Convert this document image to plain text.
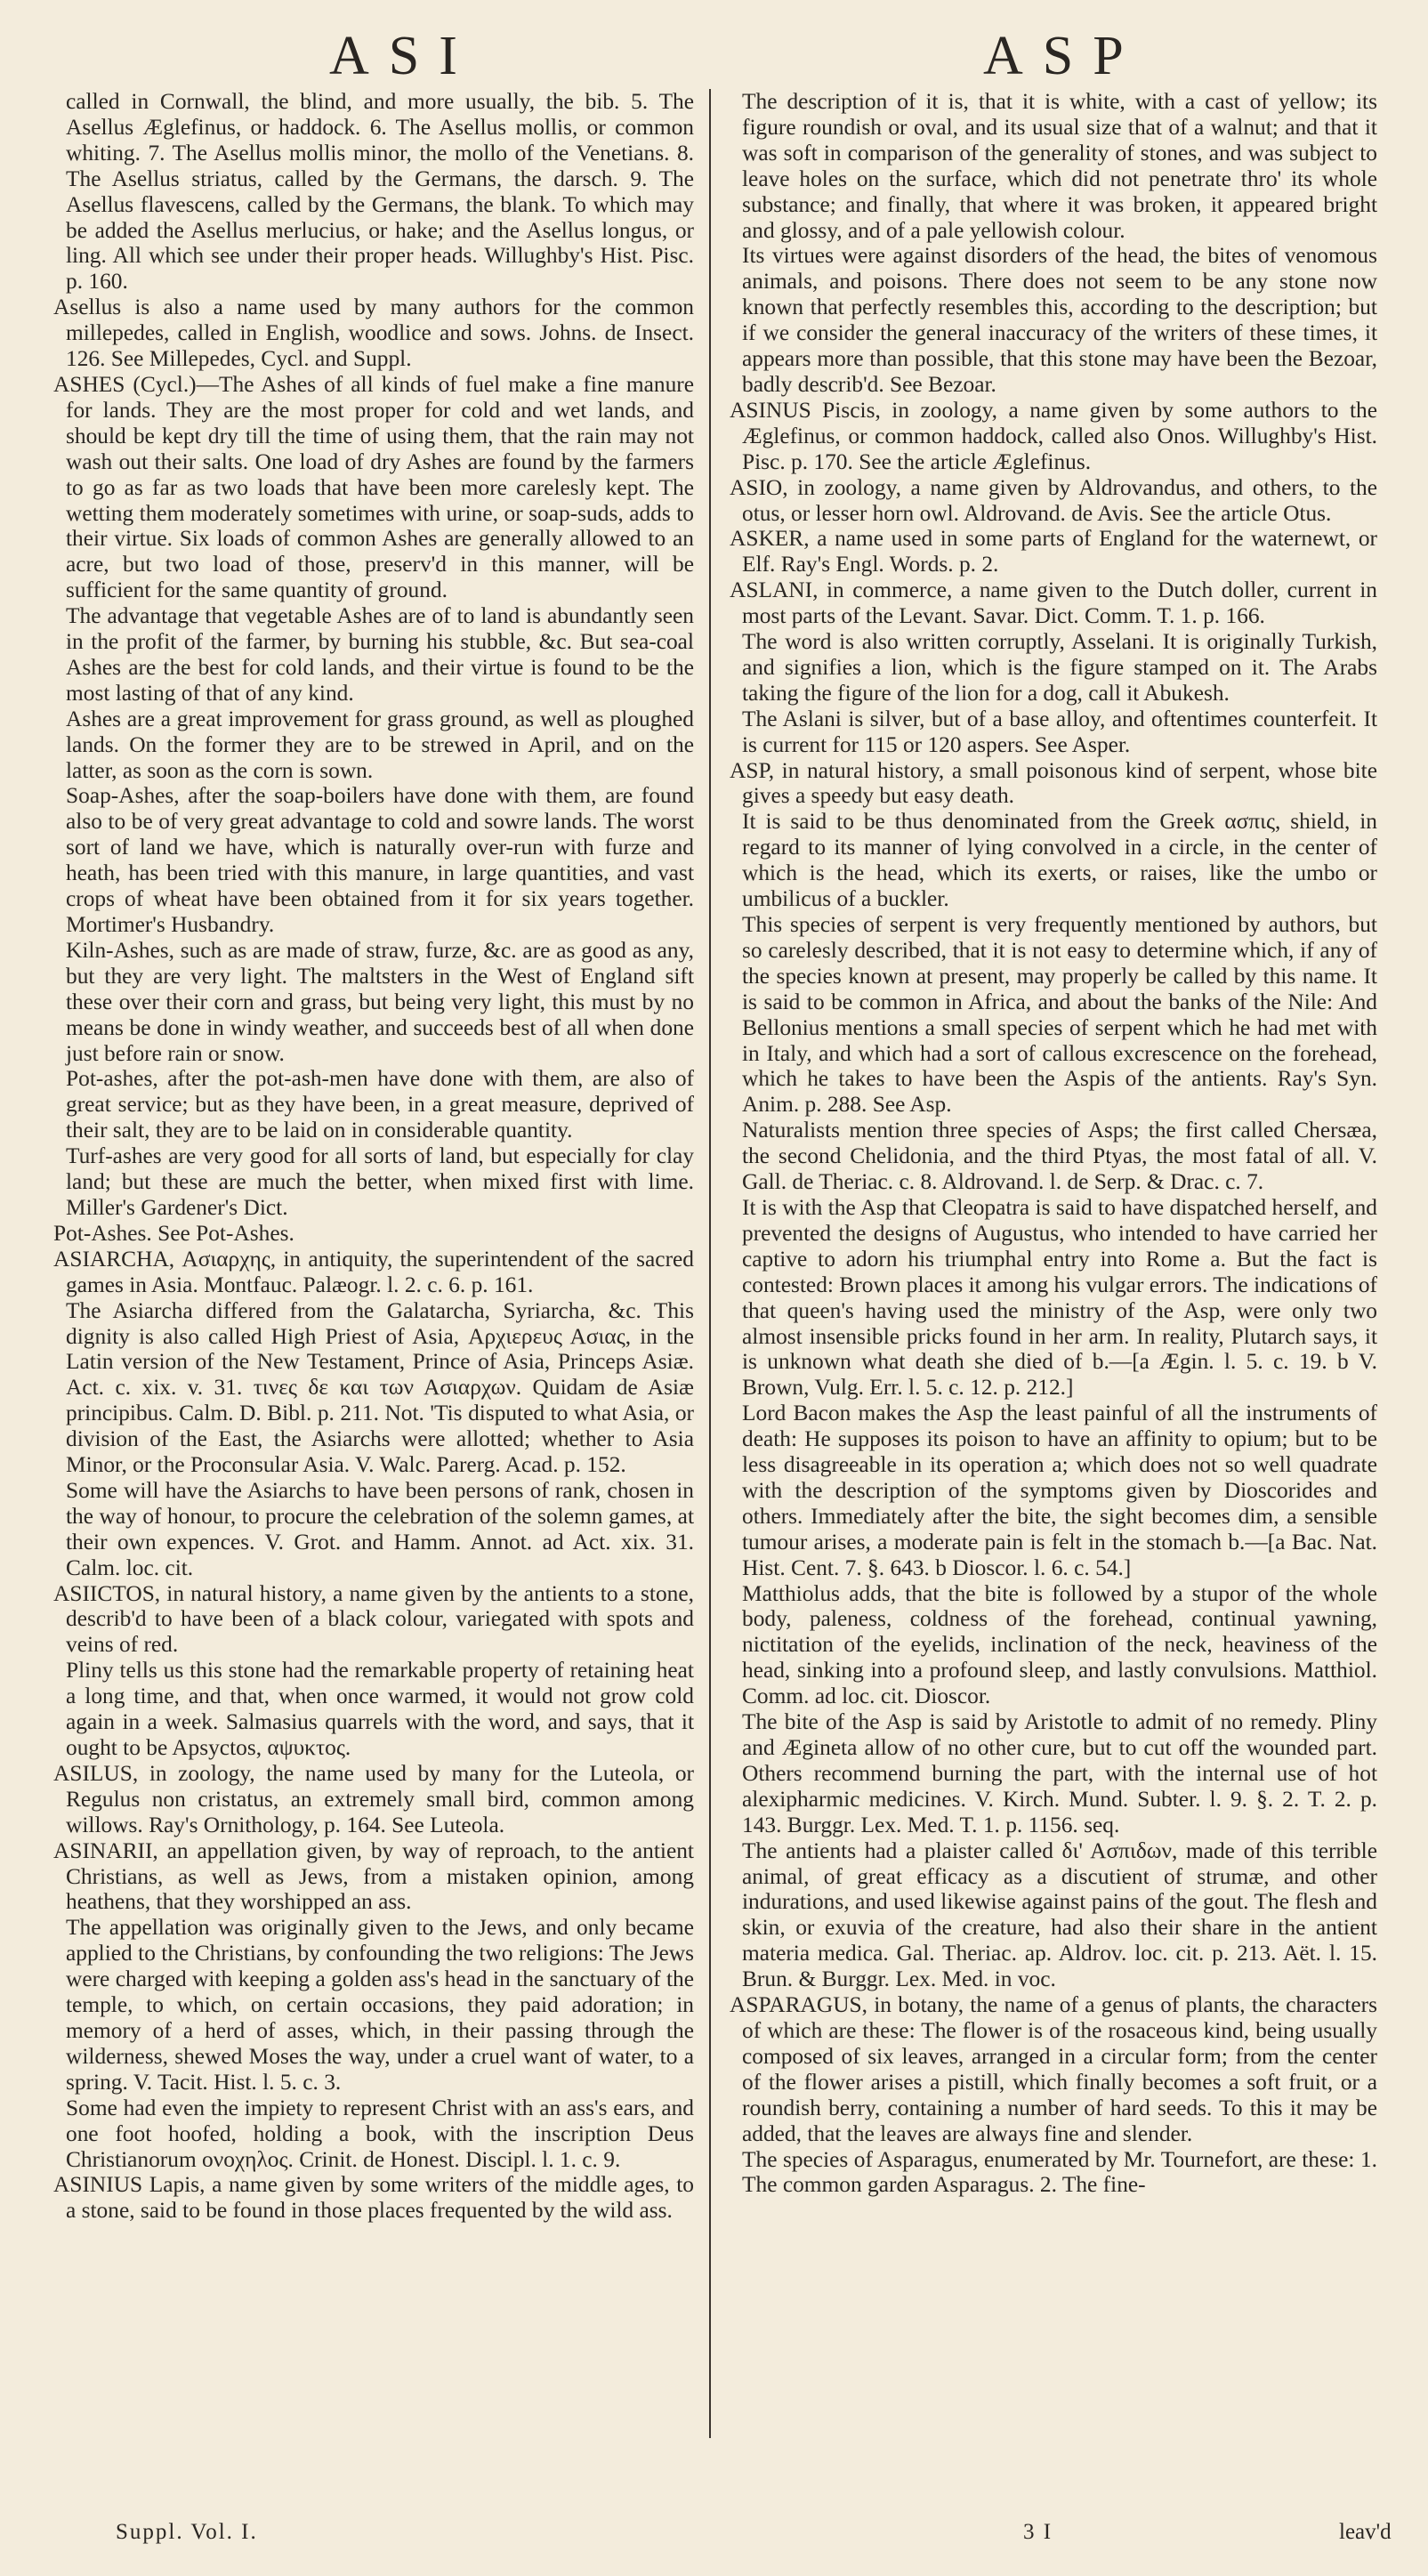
ASI	ASP

called in Cornwall, the blind, and more usually, the bib. 5. The Asellus Æglefinus, or haddock. 6. The Asellus mollis, or common whiting. 7. The Asellus mollis minor, the mollo of the Venetians. 8. The Asellus striatus, called by the Germans, the darsch. 9. The Asellus flavescens, called by the Germans, the blank. To which may be added the Asellus merlucius, or hake; and the Asellus longus, or ling. All which see under their proper heads. Willughby's Hist. Pisc. p. 160.

Asellus is also a name used by many authors for the common millepedes, called in English, woodlice and sows. Johns. de Insect. 126. See Millepedes, Cycl. and Suppl.

ASHES (Cycl.)—The Ashes of all kinds of fuel make a fine manure for lands. They are the most proper for cold and wet lands, and should be kept dry till the time of using them, that the rain may not wash out their salts. One load of dry Ashes are found by the farmers to go as far as two loads that have been more carelesly kept. The wetting them moderately sometimes with urine, or soap-suds, adds to their virtue. Six loads of common Ashes are generally allowed to an acre, but two load of those, preserv'd in this manner, will be sufficient for the same quantity of ground.

The advantage that vegetable Ashes are of to land is abundantly seen in the profit of the farmer, by burning his stubble, &c. But sea-coal Ashes are the best for cold lands, and their virtue is found to be the most lasting of that of any kind.

Ashes are a great improvement for grass ground, as well as ploughed lands. On the former they are to be strewed in April, and on the latter, as soon as the corn is sown.

Soap-Ashes, after the soap-boilers have done with them, are found also to be of very great advantage to cold and sowre lands. The worst sort of land we have, which is naturally over-run with furze and heath, has been tried with this manure, in large quantities, and vast crops of wheat have been obtained from it for six years together. Mortimer's Husbandry.

Kiln-Ashes, such as are made of straw, furze, &c. are as good as any, but they are very light. The maltsters in the West of England sift these over their corn and grass, but being very light, this must by no means be done in windy weather, and succeeds best of all when done just before rain or snow.

Pot-ashes, after the pot-ash-men have done with them, are also of great service; but as they have been, in a great measure, deprived of their salt, they are to be laid on in considerable quantity.

Turf-ashes are very good for all sorts of land, but especially for clay land; but these are much the better, when mixed first with lime. Miller's Gardener's Dict.

Pot-Ashes. See Pot-Ashes.

ASIARCHA, Ασιαρχης, in antiquity, the superintendent of the sacred games in Asia. Montfauc. Palæogr. l. 2. c. 6. p. 161.

The Asiarcha differed from the Galatarcha, Syriarcha, &c. This dignity is also called High Priest of Asia, Αρχιερευς Ασιας, in the Latin version of the New Testament, Prince of Asia, Princeps Asiæ. Act. c. xix. v. 31. τινες δε και των Ασιαρχων. Quidam de Asiæ principibus. Calm. D. Bibl. p. 211. Not. 'Tis disputed to what Asia, or division of the East, the Asiarchs were allotted; whether to Asia Minor, or the Proconsular Asia. V. Walc. Parerg. Acad. p. 152.

Some will have the Asiarchs to have been persons of rank, chosen in the way of honour, to procure the celebration of the solemn games, at their own expences. V. Grot. and Hamm. Annot. ad Act. xix. 31. Calm. loc. cit.

ASIICTOS, in natural history, a name given by the antients to a stone, describ'd to have been of a black colour, variegated with spots and veins of red.

Pliny tells us this stone had the remarkable property of retaining heat a long time, and that, when once warmed, it would not grow cold again in a week. Salmasius quarrels with the word, and says, that it ought to be Apsyctos, αψυκτος.

ASILUS, in zoology, the name used by many for the Luteola, or Regulus non cristatus, an extremely small bird, common among willows. Ray's Ornithology, p. 164. See Luteola.

ASINARII, an appellation given, by way of reproach, to the antient Christians, as well as Jews, from a mistaken opinion, among heathens, that they worshipped an ass.

The appellation was originally given to the Jews, and only became applied to the Christians, by confounding the two religions: The Jews were charged with keeping a golden ass's head in the sanctuary of the temple, to which, on certain occasions, they paid adoration; in memory of a herd of asses, which, in their passing through the wilderness, shewed Moses the way, under a cruel want of water, to a spring. V. Tacit. Hist. l. 5. c. 3.

Some had even the impiety to represent Christ with an ass's ears, and one foot hoofed, holding a book, with the inscription Deus Christianorum ονοχηλος. Crinit. de Honest. Discipl. l. 1. c. 9.

ASINIUS Lapis, a name given by some writers of the middle ages, to a stone, said to be found in those places frequented by the wild ass.

The description of it is, that it is white, with a cast of yellow; its figure roundish or oval, and its usual size that of a walnut; and that it was soft in comparison of the generality of stones, and was subject to leave holes on the surface, which did not penetrate thro' its whole substance; and finally, that where it was broken, it appeared bright and glossy, and of a pale yellowish colour.

Its virtues were against disorders of the head, the bites of venomous animals, and poisons. There does not seem to be any stone now known that perfectly resembles this, according to the description; but if we consider the general inaccuracy of the writers of these times, it appears more than possible, that this stone may have been the Bezoar, badly describ'd. See Bezoar.

ASINUS Piscis, in zoology, a name given by some authors to the Æglefinus, or common haddock, called also Onos. Willughby's Hist. Pisc. p. 170. See the article Æglefinus.

ASIO, in zoology, a name given by Aldrovandus, and others, to the otus, or lesser horn owl. Aldrovand. de Avis. See the article Otus.

ASKER, a name used in some parts of England for the waternewt, or Elf. Ray's Engl. Words. p. 2.

ASLANI, in commerce, a name given to the Dutch doller, current in most parts of the Levant. Savar. Dict. Comm. T. 1. p. 166.

The word is also written corruptly, Asselani. It is originally Turkish, and signifies a lion, which is the figure stamped on it. The Arabs taking the figure of the lion for a dog, call it Abukesh.

The Aslani is silver, but of a base alloy, and oftentimes counterfeit. It is current for 115 or 120 aspers. See Asper.

ASP, in natural history, a small poisonous kind of serpent, whose bite gives a speedy but easy death.

It is said to be thus denominated from the Greek ασπις, shield, in regard to its manner of lying convolved in a circle, in the center of which is the head, which its exerts, or raises, like the umbo or umbilicus of a buckler.

This species of serpent is very frequently mentioned by authors, but so carelesly described, that it is not easy to determine which, if any of the species known at present, may properly be called by this name. It is said to be common in Africa, and about the banks of the Nile: And Bellonius mentions a small species of serpent which he had met with in Italy, and which had a sort of callous excrescence on the forehead, which he takes to have been the Aspis of the antients. Ray's Syn. Anim. p. 288. See Asp.

Naturalists mention three species of Asps; the first called Chersæa, the second Chelidonia, and the third Ptyas, the most fatal of all. V. Gall. de Theriac. c. 8. Aldrovand. l. de Serp. & Drac. c. 7.

It is with the Asp that Cleopatra is said to have dispatched herself, and prevented the designs of Augustus, who intended to have carried her captive to adorn his triumphal entry into Rome a. But the fact is contested: Brown places it among his vulgar errors. The indications of that queen's having used the ministry of the Asp, were only two almost insensible pricks found in her arm. In reality, Plutarch says, it is unknown what death she died of b.—[a Ægin. l. 5. c. 19. b V. Brown, Vulg. Err. l. 5. c. 12. p. 212.]

Lord Bacon makes the Asp the least painful of all the instruments of death: He supposes its poison to have an affinity to opium; but to be less disagreeable in its operation a; which does not so well quadrate with the description of the symptoms given by Dioscorides and others. Immediately after the bite, the sight becomes dim, a sensible tumour arises, a moderate pain is felt in the stomach b.—[a Bac. Nat. Hist. Cent. 7. §. 643. b Dioscor. l. 6. c. 54.]

Matthiolus adds, that the bite is followed by a stupor of the whole body, paleness, coldness of the forehead, continual yawning, nictitation of the eyelids, inclination of the neck, heaviness of the head, sinking into a profound sleep, and lastly convulsions. Matthiol. Comm. ad loc. cit. Dioscor.

The bite of the Asp is said by Aristotle to admit of no remedy. Pliny and Ægineta allow of no other cure, but to cut off the wounded part. Others recommend burning the part, with the internal use of hot alexipharmic medicines. V. Kirch. Mund. Subter. l. 9. §. 2. T. 2. p. 143. Burggr. Lex. Med. T. 1. p. 1156. seq.

The antients had a plaister called δι' Ασπιδων, made of this terrible animal, of great efficacy as a discutient of strumæ, and other indurations, and used likewise against pains of the gout. The flesh and skin, or exuvia of the creature, had also their share in the antient materia medica. Gal. Theriac. ap. Aldrov. loc. cit. p. 213. Aët. l. 15. Brun. & Burggr. Lex. Med. in voc.

ASPARAGUS, in botany, the name of a genus of plants, the characters of which are these: The flower is of the rosaceous kind, being usually composed of six leaves, arranged in a circular form; from the center of the flower arises a pistill, which finally becomes a soft fruit, or a roundish berry, containing a number of hard seeds. To this it may be added, that the leaves are always fine and slender.

The species of Asparagus, enumerated by Mr. Tournefort, are these: 1. The common garden Asparagus. 2. The fine-

Suppl. Vol. I.	3 I	leav'd
